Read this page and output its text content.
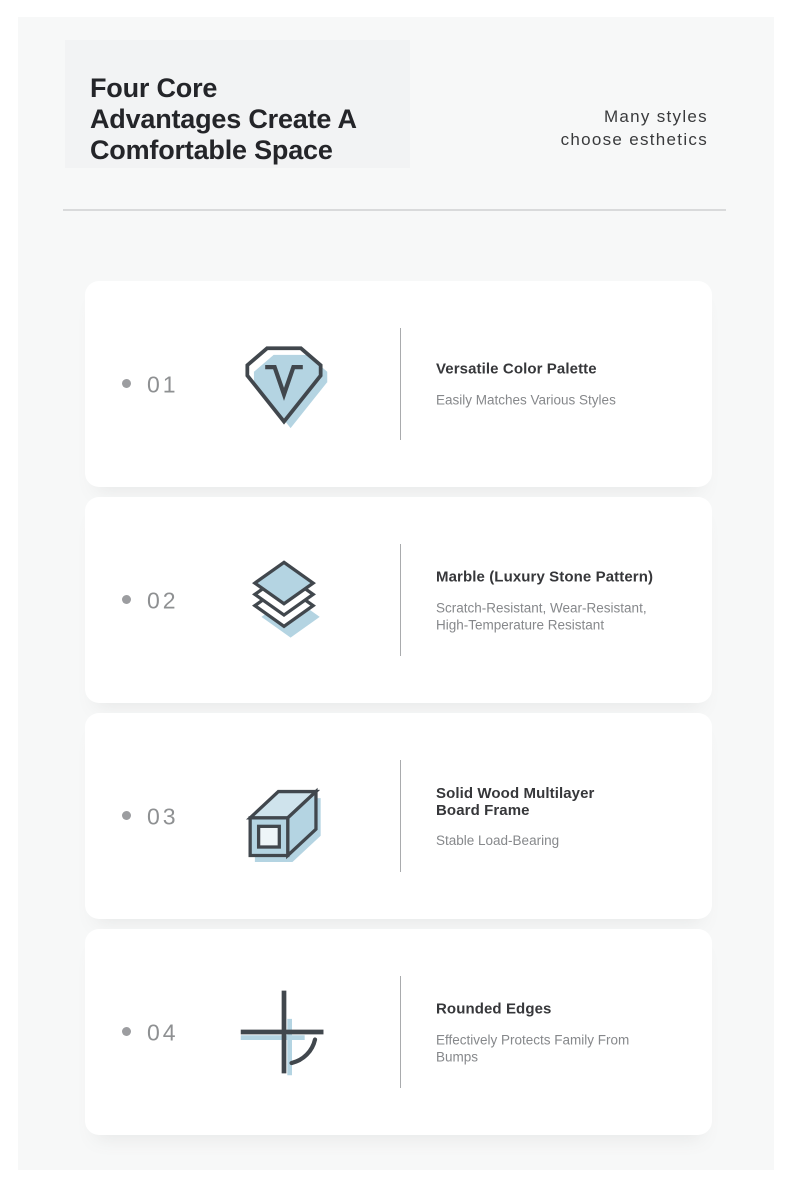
Four Core
Advantages Create A
Comfortable Space
Many styles
choose esthetics
01
Versatile Color Palette
Easily Matches Various Styles
02
Marble (Luxury Stone Pattern)
Scratch-Resistant, Wear-Resistant,
High-Temperature Resistant
03
Solid Wood Multilayer
Board Frame
Stable Load-Bearing
04
Rounded Edges
Effectively Protects Family From
Bumps
